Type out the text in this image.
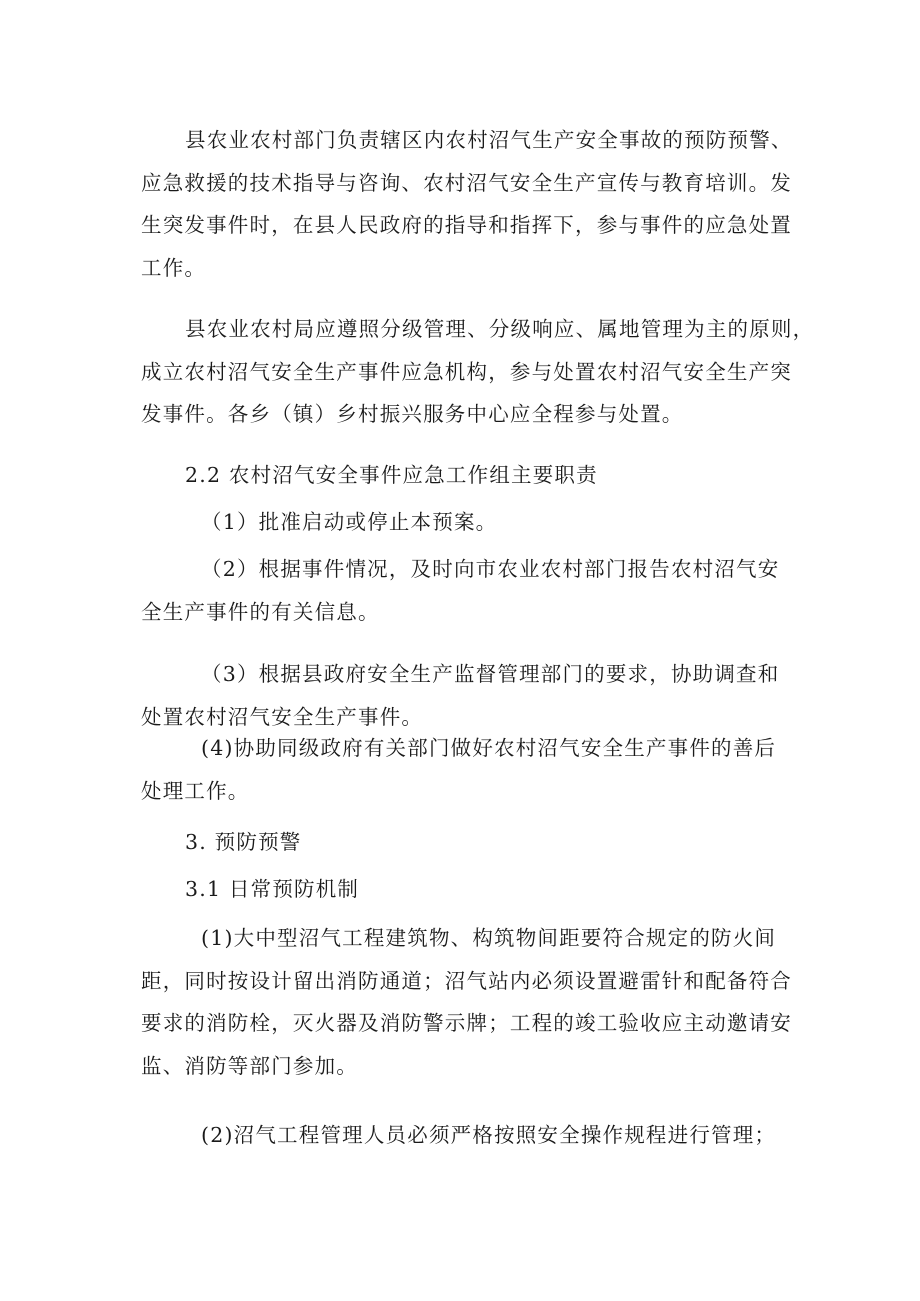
县农业农村部门负责辖区内农村沼气生产安全事故的预防预警、
应急救援的技术指导与咨询、农村沼气安全生产宣传与教育培训。发
生突发事件时，在县人民政府的指导和指挥下，参与事件的应急处置
工作。
县农业农村局应遵照分级管理、分级响应、属地管理为主的原则，
成立农村沼气安全生产事件应急机构，参与处置农村沼气安全生产突
发事件。各乡（镇）乡村振兴服务中心应全程参与处置。
2.2 农村沼气安全事件应急工作组主要职责
（1）批准启动或停止本预案。
（2）根据事件情况，及时向市农业农村部门报告农村沼气安
全生产事件的有关信息。
（3）根据县政府安全生产监督管理部门的要求，协助调查和
处置农村沼气安全生产事件。
(4)协助同级政府有关部门做好农村沼气安全生产事件的善后
处理工作。
3. 预防预警
3.1 日常预防机制
(1)大中型沼气工程建筑物、构筑物间距要符合规定的防火间
距，同时按设计留出消防通道；沼气站内必须设置避雷针和配备符合
要求的消防栓，灭火器及消防警示牌；工程的竣工验收应主动邀请安
监、消防等部门参加。
(2)沼气工程管理人员必须严格按照安全操作规程进行管理；
